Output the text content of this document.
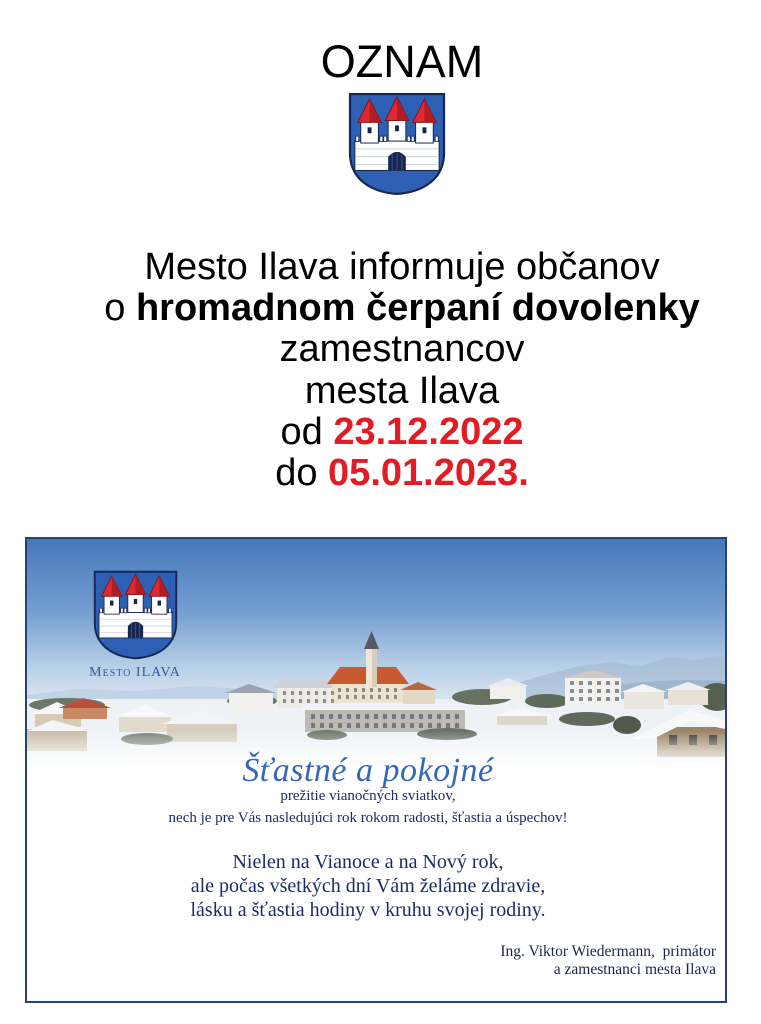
OZNAM
Mesto Ilava informuje občanov
o hromadnom čerpaní dovolenky
zamestnancov
mesta Ilava
od 23.12.2022
do 05.01.2023.
Mesto ILAVA
Šťastné a pokojné
prežitie vianočných sviatkov,
nech je pre Vás nasledujúci rok rokom radosti, šťastia a úspechov!
Nielen na Vianoce a na Nový rok,
ale počas všetkých dní Vám želáme zdravie,
lásku a šťastia hodiny v kruhu svojej rodiny.
Ing. Viktor Wiedermann,  primátor
a zamestnanci mesta Ilava
